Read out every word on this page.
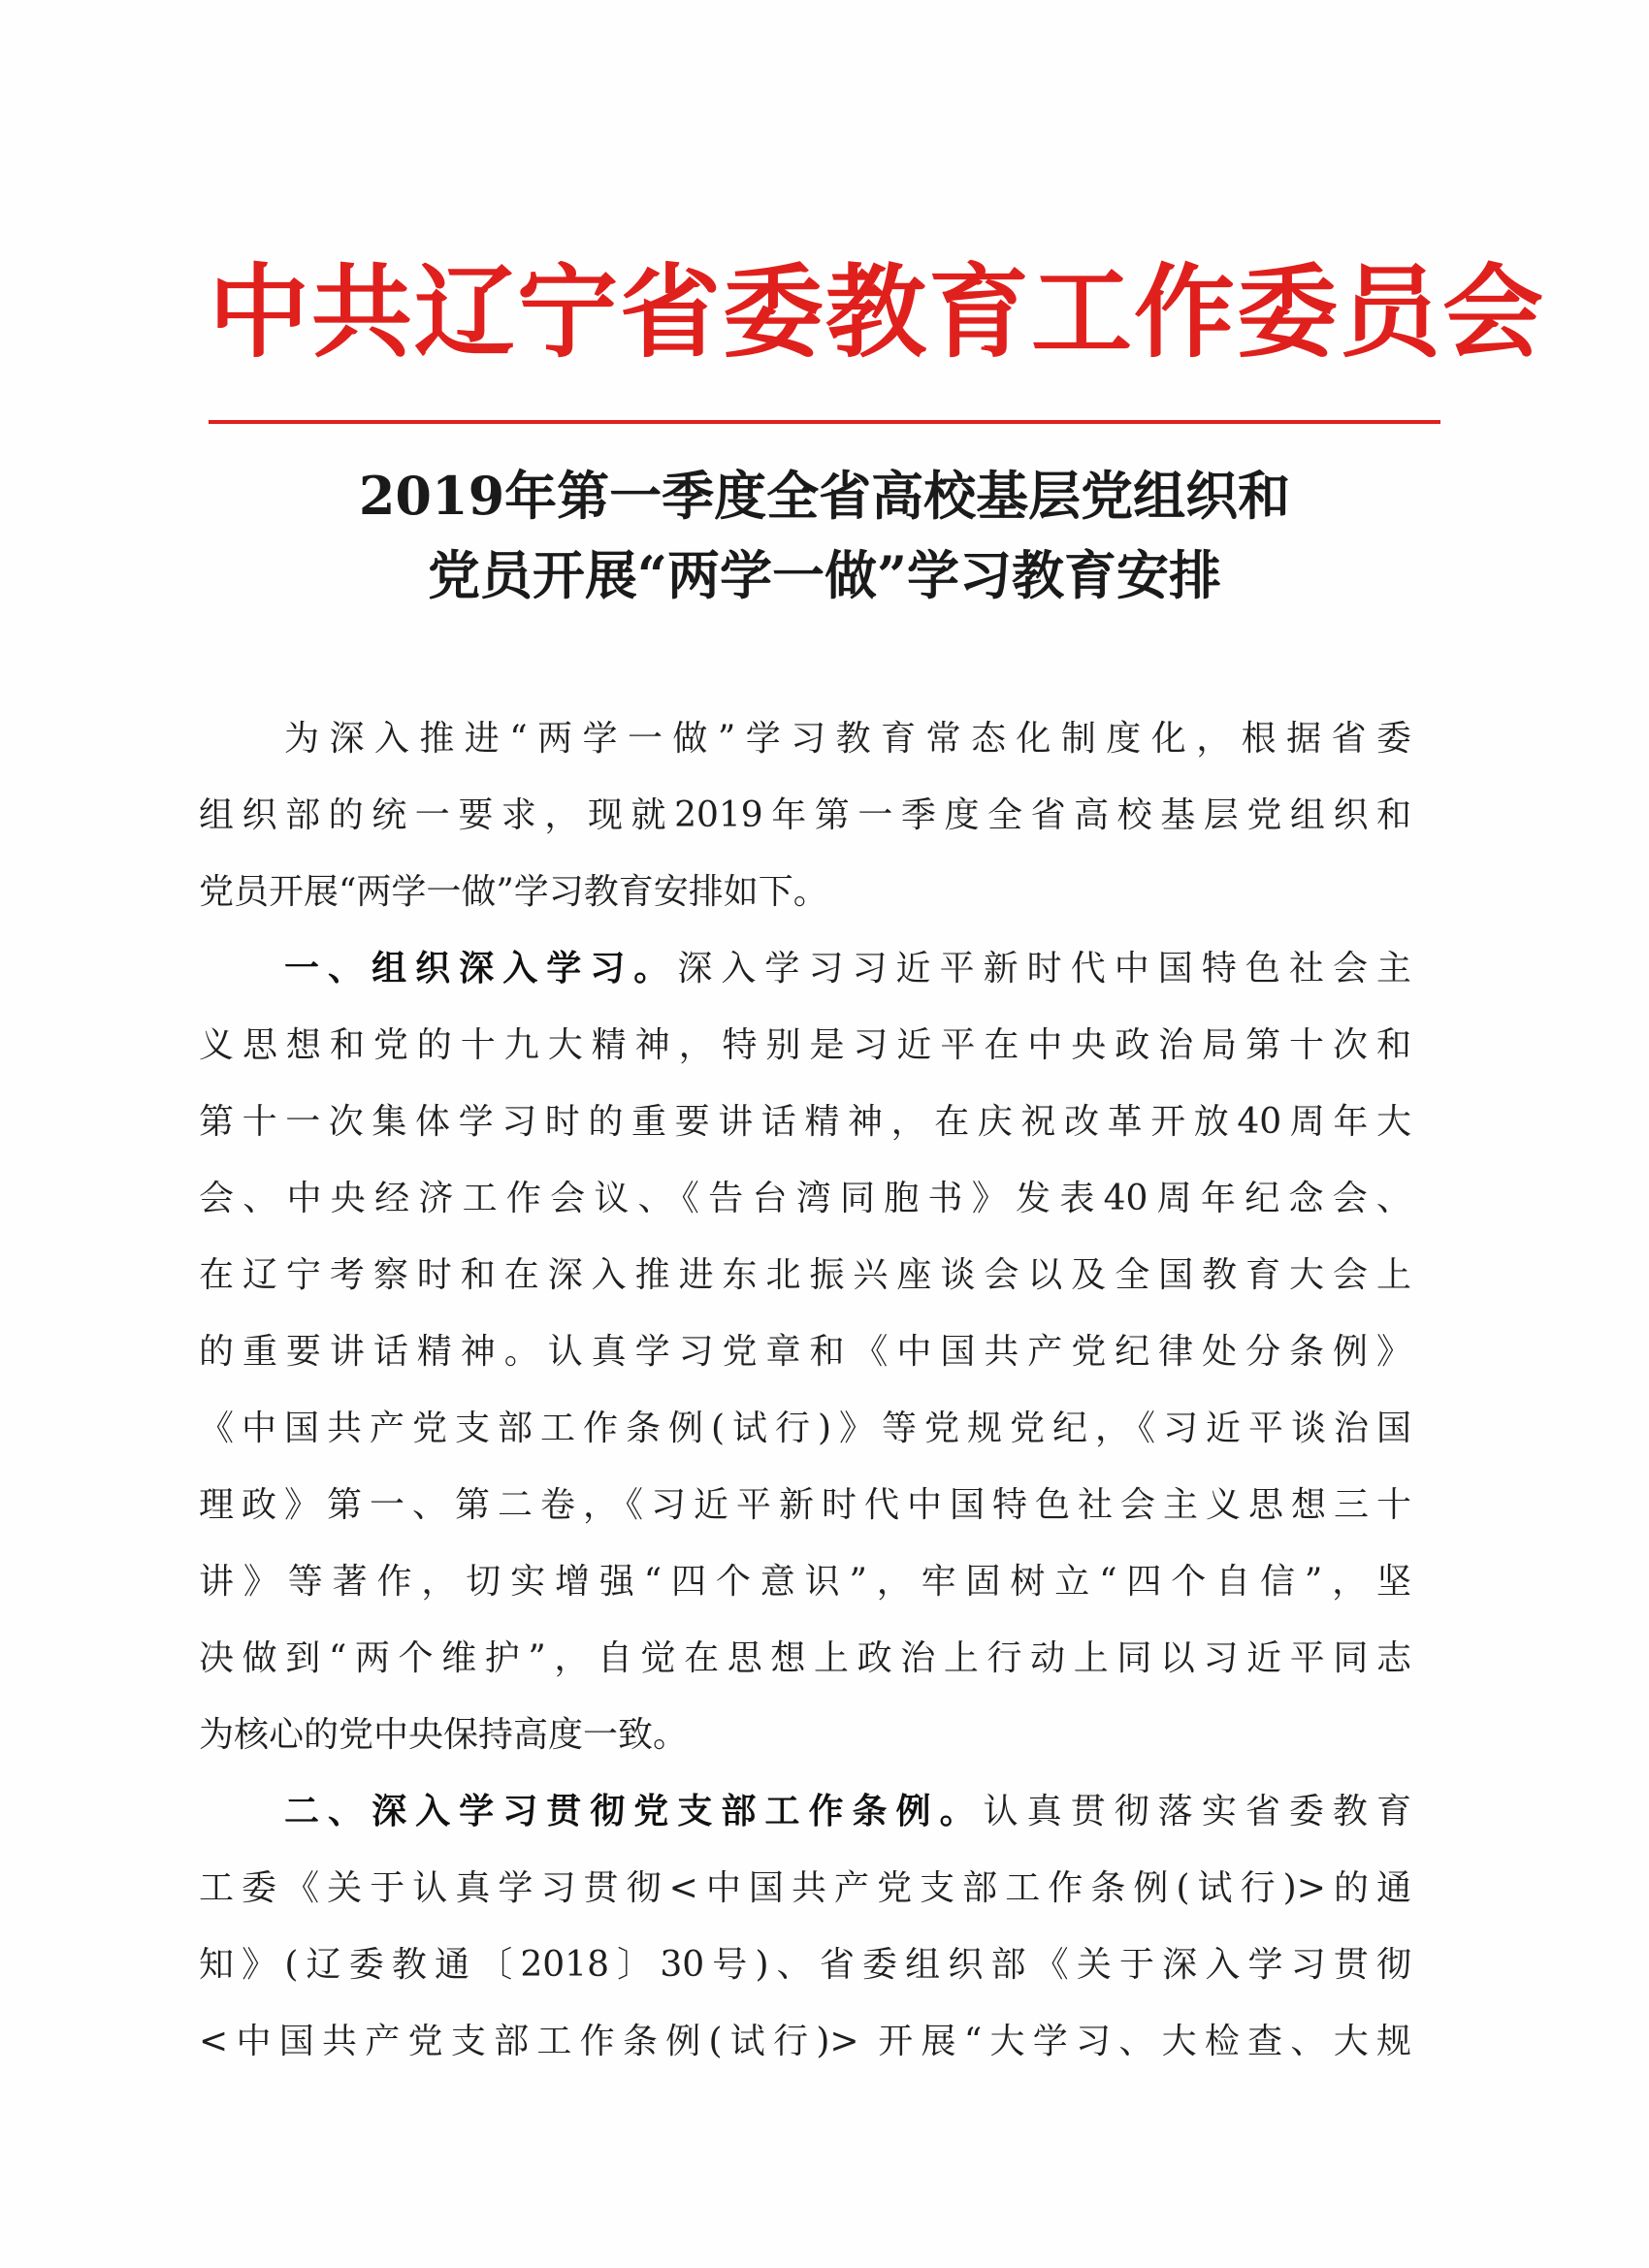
中共辽宁省委教育工作委员会
2019年第一季度全省高校基层党组织和
党员开展“两学一做”学习教育安排
为深入推进“两学一做”学习教育常态化制度化，根据省委
组织部的统一要求，现就2019年第一季度全省高校基层党组织和
党员开展“两学一做”学习教育安排如下。
一、组织深入学习。深入学习习近平新时代中国特色社会主
义思想和党的十九大精神，特别是习近平在中央政治局第十次和
第十一次集体学习时的重要讲话精神，在庆祝改革开放40周年大
会、中央经济工作会议、《告台湾同胞书》发表40周年纪念会、
在辽宁考察时和在深入推进东北振兴座谈会以及全国教育大会上
的重要讲话精神。认真学习党章和《中国共产党纪律处分条例》
《中国共产党支部工作条例(试行)》等党规党纪，《习近平谈治国
理政》第一、第二卷，《习近平新时代中国特色社会主义思想三十
讲》等著作，切实增强“四个意识”，牢固树立“四个自信”，坚
决做到“两个维护”，自觉在思想上政治上行动上同以习近平同志
为核心的党中央保持高度一致。
二、深入学习贯彻党支部工作条例。认真贯彻落实省委教育
工委《关于认真学习贯彻<中国共产党支部工作条例(试行)>的通
知》(辽委教通〔2018〕30号)、省委组织部《关于深入学习贯彻
<中国共产党支部工作条例(试行)> 开展“大学习、大检查、大规
